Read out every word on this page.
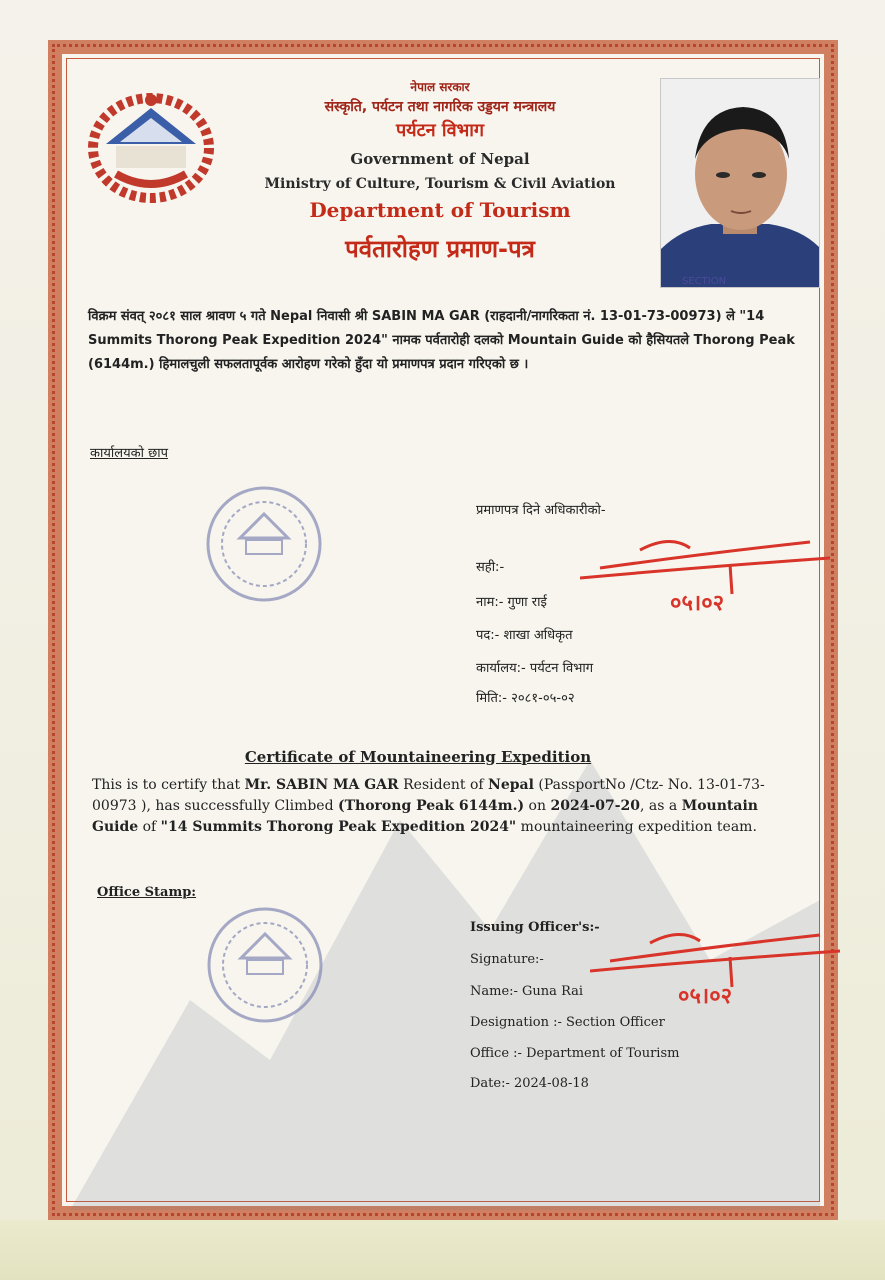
नेपाल सरकार
संस्कृति, पर्यटन तथा नागरिक उड्डयन मन्त्रालय
पर्यटन विभाग
Government of Nepal
Ministry of Culture, Tourism & Civil Aviation
Department of Tourism
पर्वतारोहण प्रमाण-पत्र
SECTION
विक्रम संवत् २०८१ साल श्रावण ५ गते Nepal निवासी श्री SABIN MA GAR (राहदानी/नागरिकता नं. 13-01-73-00973) ले "14 Summits Thorong Peak Expedition 2024" नामक पर्वतारोही दलको Mountain Guide को हैसियतले Thorong Peak (6144m.) हिमालचुली सफलतापूर्वक आरोहण गरेको हुँदा यो प्रमाणपत्र प्रदान गरिएको छ ।
कार्यालयको छाप
प्रमाणपत्र दिने अधिकारीको-
सही:-
नाम:- गुणा राई
पद:- शाखा अधिकृत
कार्यालय:- पर्यटन विभाग
मिति:- २०८१-०५-०२
०५।०२
Certificate of Mountaineering Expedition
This is to certify that Mr. SABIN MA GAR Resident of Nepal (PassportNo /Ctz- No. 13-01-73-00973 ), has successfully Climbed (Thorong Peak 6144m.) on 2024-07-20, as a Mountain Guide of "14 Summits Thorong Peak Expedition 2024" mountaineering expedition team.
Office Stamp:
Issuing Officer's:-
Signature:-
Name:- Guna Rai
Designation :- Section Officer
Office :- Department of Tourism
Date:- 2024-08-18
०५।०२
